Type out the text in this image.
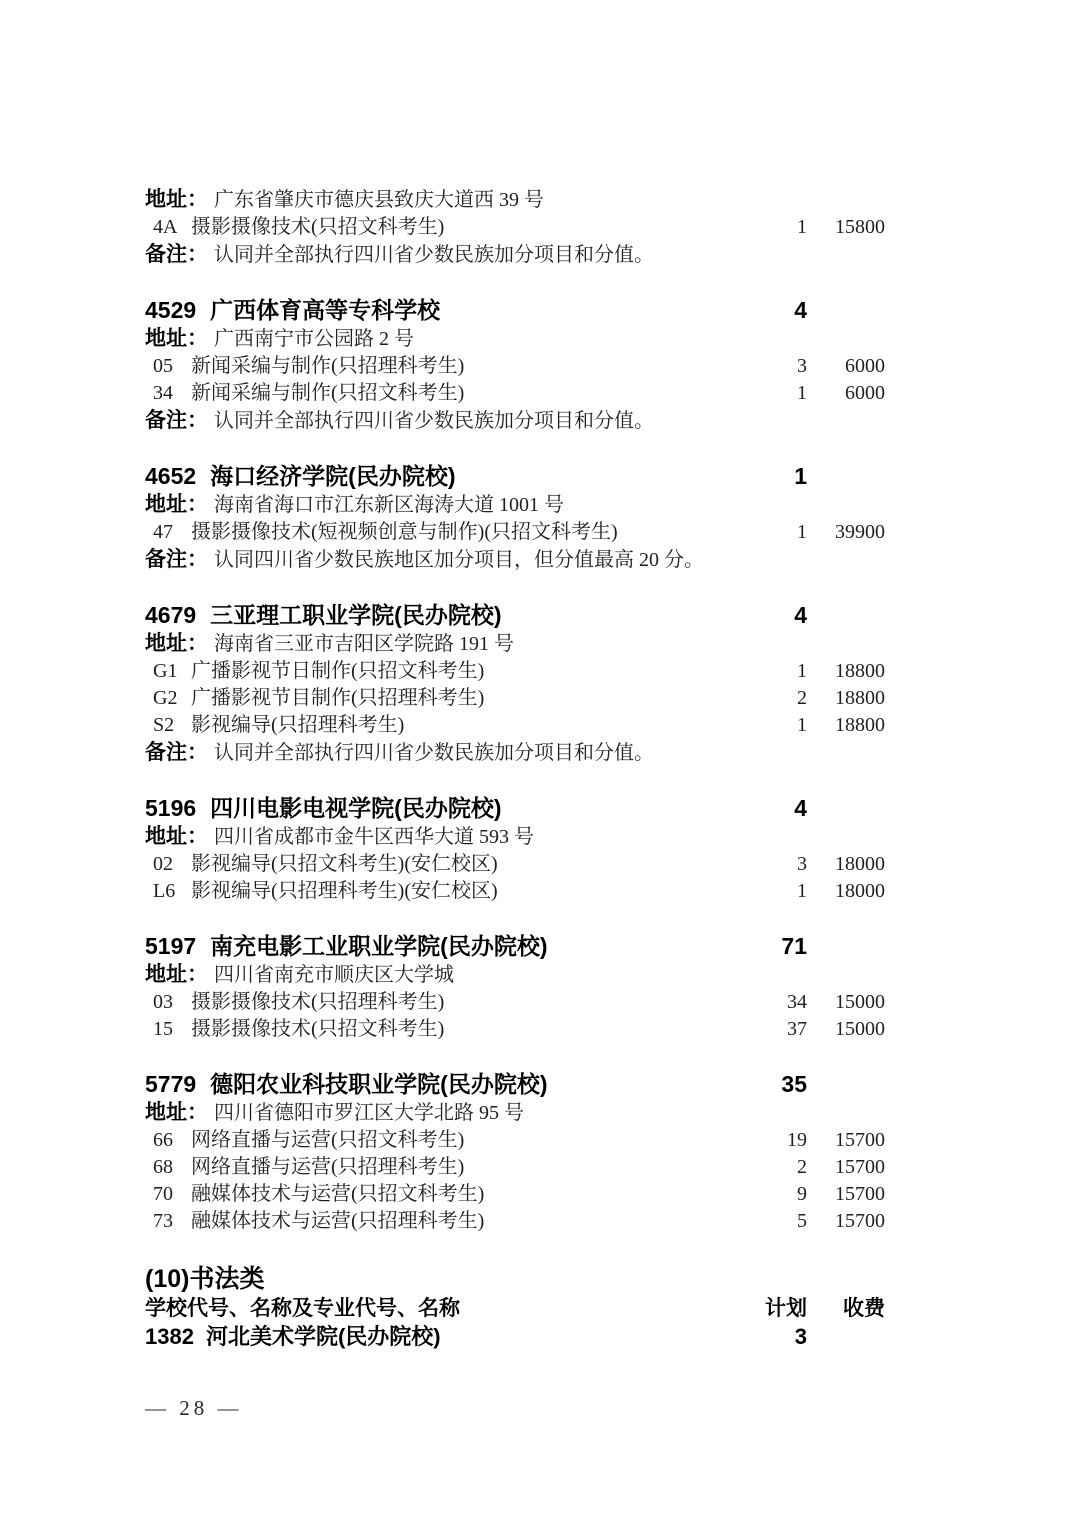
地址： 广东省肇庆市德庆县致庆大道西 39 号
4A 摄影摄像技术(只招文科考生)	1	15800
备注： 认同并全部执行四川省少数民族加分项目和分值。
4529 广西体育高等专科学校	4
地址： 广西南宁市公园路 2 号
05 新闻采编与制作(只招理科考生)	3	6000
34 新闻采编与制作(只招文科考生)	1	6000
备注： 认同并全部执行四川省少数民族加分项目和分值。
4652 海口经济学院(民办院校)	1
地址： 海南省海口市江东新区海涛大道 1001 号
47 摄影摄像技术(短视频创意与制作)(只招文科考生)	1	39900
备注： 认同四川省少数民族地区加分项目，但分值最高 20 分。
4679 三亚理工职业学院(民办院校)	4
地址： 海南省三亚市吉阳区学院路 191 号
G1 广播影视节日制作(只招文科考生)	1	18800
G2 广播影视节目制作(只招理科考生)	2	18800
S2 影视编导(只招理科考生)	1	18800
备注： 认同并全部执行四川省少数民族加分项目和分值。
5196 四川电影电视学院(民办院校)	4
地址： 四川省成都市金牛区西华大道 593 号
02 影视编导(只招文科考生)(安仁校区)	3	18000
L6 影视编导(只招理科考生)(安仁校区)	1	18000
5197 南充电影工业职业学院(民办院校)	71
地址： 四川省南充市顺庆区大学城
03 摄影摄像技术(只招理科考生)	34	15000
15 摄影摄像技术(只招文科考生)	37	15000
5779 德阳农业科技职业学院(民办院校)	35
地址： 四川省德阳市罗江区大学北路 95 号
66 网络直播与运营(只招文科考生)	19	15700
68 网络直播与运营(只招理科考生)	2	15700
70 融媒体技术与运营(只招文科考生)	9	15700
73 融媒体技术与运营(只招理科考生)	5	15700
(10)书法类
学校代号、名称及专业代号、名称	计划	收费
1382 河北美术学院(民办院校)	3
— 28 —
